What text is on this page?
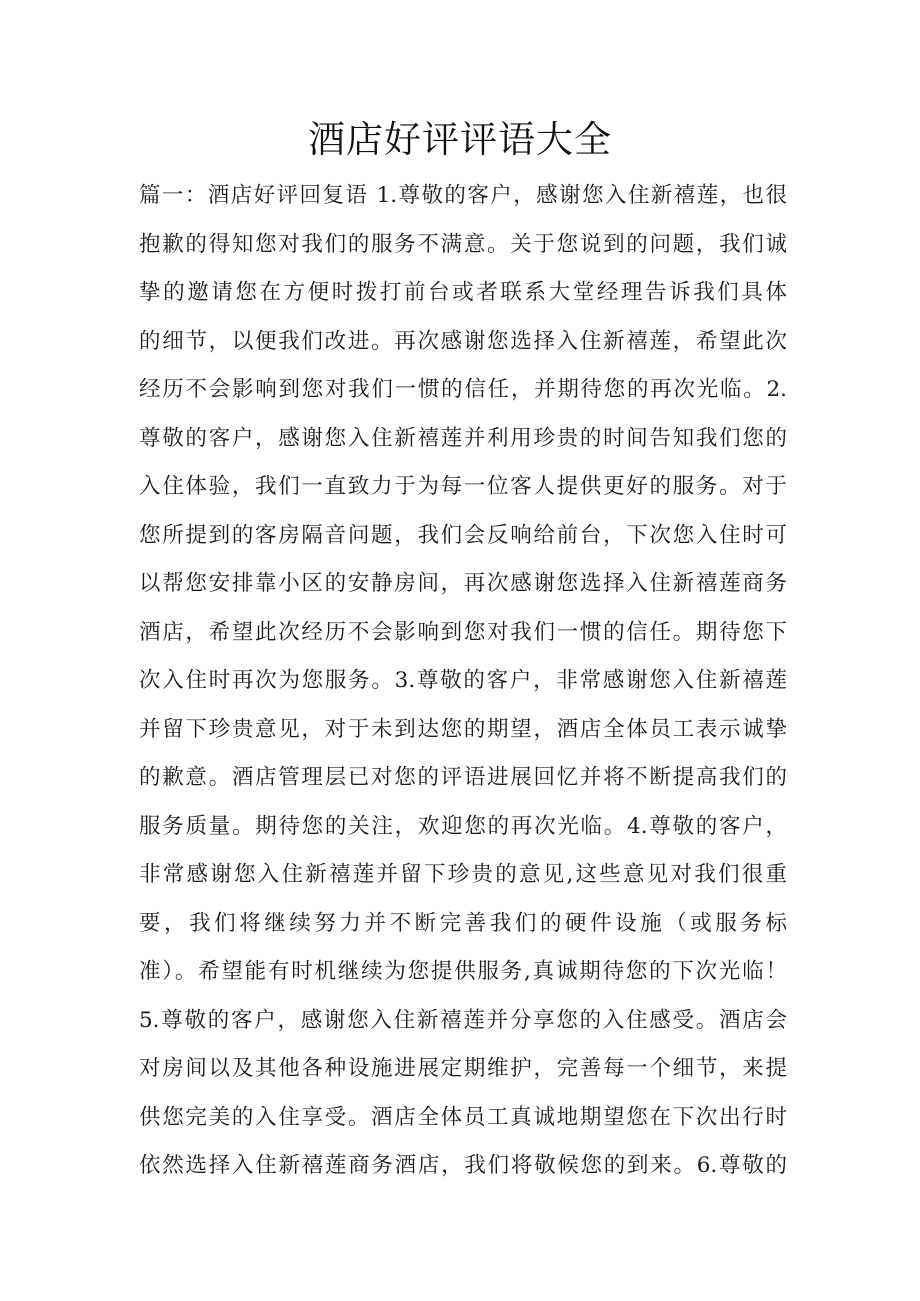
酒店好评评语大全
篇一：酒店好评回复语 1.尊敬的客户，感谢您入住新禧莲，也很
抱歉的得知您对我们的服务不满意。关于您说到的问题，我们诚
挚的邀请您在方便时拨打前台或者联系大堂经理告诉我们具体
的细节，以便我们改进。再次感谢您选择入住新禧莲，希望此次
经历不会影响到您对我们一惯的信任，并期待您的再次光临。2.
尊敬的客户，感谢您入住新禧莲并利用珍贵的时间告知我们您的
入住体验，我们一直致力于为每一位客人提供更好的服务。对于
您所提到的客房隔音问题，我们会反响给前台，下次您入住时可
以帮您安排靠小区的安静房间，再次感谢您选择入住新禧莲商务
酒店，希望此次经历不会影响到您对我们一惯的信任。期待您下
次入住时再次为您服务。3.尊敬的客户，非常感谢您入住新禧莲
并留下珍贵意见，对于未到达您的期望，酒店全体员工表示诚挚
的歉意。酒店管理层已对您的评语进展回忆并将不断提高我们的
服务质量。期待您的关注，欢迎您的再次光临。4.尊敬的客户，
非常感谢您入住新禧莲并留下珍贵的意见,这些意见对我们很重
要，我们将继续努力并不断完善我们的硬件设施（或服务标
准）。希望能有时机继续为您提供服务,真诚期待您的下次光临！
5.尊敬的客户，感谢您入住新禧莲并分享您的入住感受。酒店会
对房间以及其他各种设施进展定期维护，完善每一个细节，来提
供您完美的入住享受。酒店全体员工真诚地期望您在下次出行时
依然选择入住新禧莲商务酒店，我们将敬候您的到来。6.尊敬的
